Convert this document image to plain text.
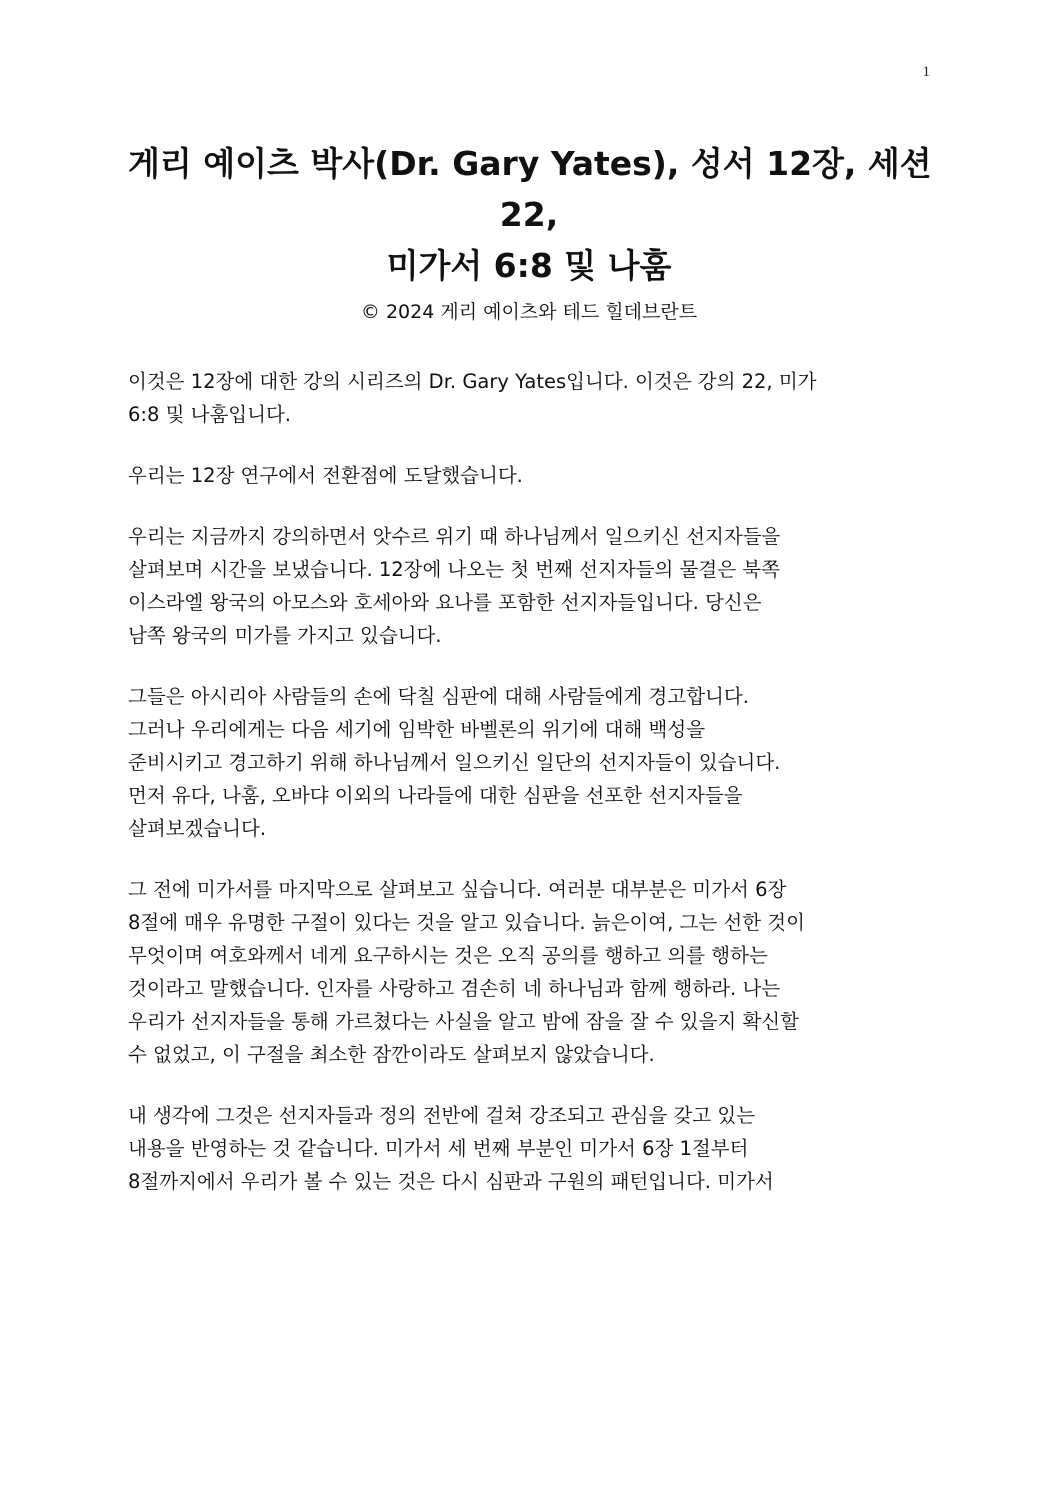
1
게리 예이츠 박사(Dr. Gary Yates), 성서 12장, 세션
22,
미가서 6:8 및 나훔
© 2024 게리 예이츠와 테드 힐데브란트

이것은 12장에 대한 강의 시리즈의 Dr. Gary Yates입니다. 이것은 강의 22, 미가
6:8 및 나훔입니다.

우리는 12장 연구에서 전환점에 도달했습니다.

우리는 지금까지 강의하면서 앗수르 위기 때 하나님께서 일으키신 선지자들을
살펴보며 시간을 보냈습니다. 12장에 나오는 첫 번째 선지자들의 물결은 북쪽
이스라엘 왕국의 아모스와 호세아와 요나를 포함한 선지자들입니다. 당신은
남쪽 왕국의 미가를 가지고 있습니다.

그들은 아시리아 사람들의 손에 닥칠 심판에 대해 사람들에게 경고합니다.
그러나 우리에게는 다음 세기에 임박한 바벨론의 위기에 대해 백성을
준비시키고 경고하기 위해 하나님께서 일으키신 일단의 선지자들이 있습니다.
먼저 유다, 나훔, 오바댜 이외의 나라들에 대한 심판을 선포한 선지자들을
살펴보겠습니다.

그 전에 미가서를 마지막으로 살펴보고 싶습니다. 여러분 대부분은 미가서 6장
8절에 매우 유명한 구절이 있다는 것을 알고 있습니다. 늙은이여, 그는 선한 것이
무엇이며 여호와께서 네게 요구하시는 것은 오직 공의를 행하고 의를 행하는
것이라고 말했습니다. 인자를 사랑하고 겸손히 네 하나님과 함께 행하라. 나는
우리가 선지자들을 통해 가르쳤다는 사실을 알고 밤에 잠을 잘 수 있을지 확신할
수 없었고, 이 구절을 최소한 잠깐이라도 살펴보지 않았습니다.

내 생각에 그것은 선지자들과 정의 전반에 걸쳐 강조되고 관심을 갖고 있는
내용을 반영하는 것 같습니다. 미가서 세 번째 부분인 미가서 6장 1절부터
8절까지에서 우리가 볼 수 있는 것은 다시 심판과 구원의 패턴입니다. 미가서
